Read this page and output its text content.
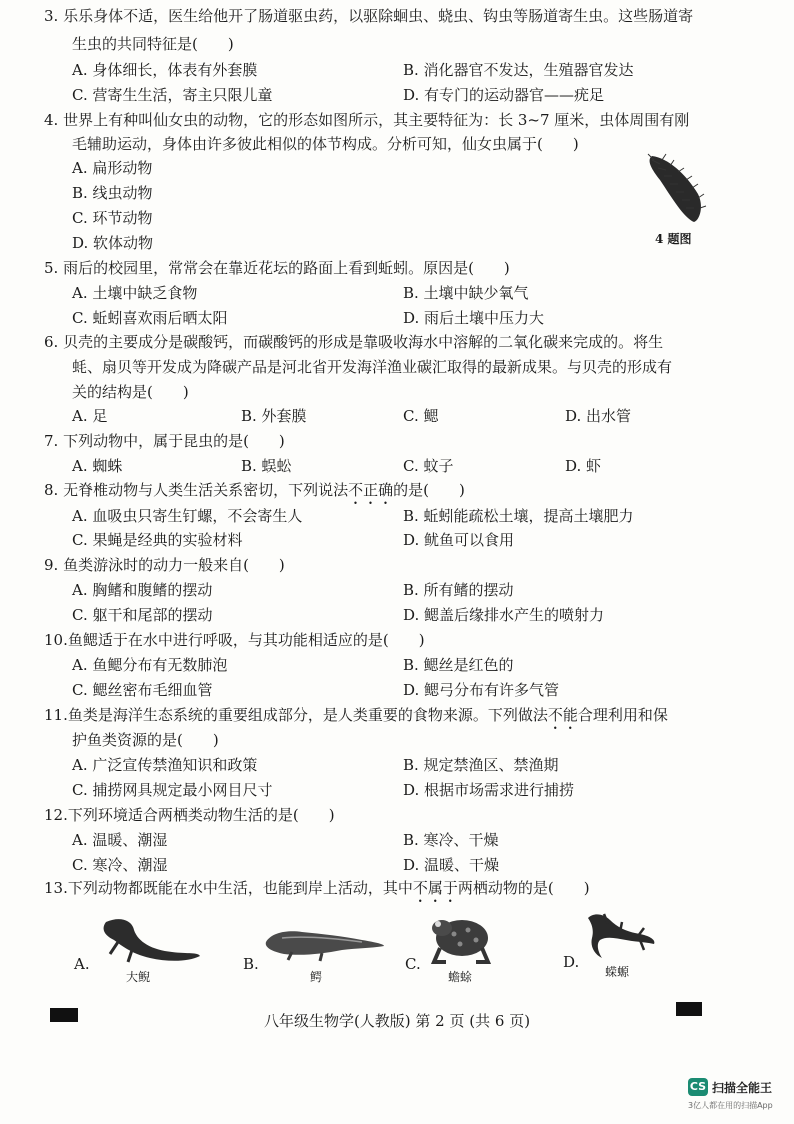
3. 乐乐身体不适，医生给他开了肠道驱虫药，以驱除蛔虫、蛲虫、钩虫等肠道寄生虫。这些肠道寄
生虫的共同特征是(　　)
A. 身体细长，体表有外套膜	B. 消化器官不发达，生殖器官发达
C. 营寄生生活，寄主只限儿童	D. 有专门的运动器官——疣足
4. 世界上有种叫仙女虫的动物，它的形态如图所示，其主要特征为：长 3~7 厘米，虫体周围有刚
毛辅助运动，身体由许多彼此相似的体节构成。分析可知，仙女虫属于(　　)
A. 扁形动物
B. 线虫动物
C. 环节动物
D. 软体动物	4 题图
5. 雨后的校园里，常常会在靠近花坛的路面上看到蚯蚓。原因是(　　)
A. 土壤中缺乏食物	B. 土壤中缺少氧气
C. 蚯蚓喜欢雨后晒太阳	D. 雨后土壤中压力大
6. 贝壳的主要成分是碳酸钙，而碳酸钙的形成是靠吸收海水中溶解的二氧化碳来完成的。将生
蚝、扇贝等开发成为降碳产品是河北省开发海洋渔业碳汇取得的最新成果。与贝壳的形成有
关的结构是(　　)
A. 足	B. 外套膜	C. 鳃	D. 出水管
7. 下列动物中，属于昆虫的是(　　)
A. 蜘蛛	B. 蜈蚣	C. 蚊子	D. 虾
8. 无脊椎动物与人类生活关系密切，下列说法不正确的是(　　)
A. 血吸虫只寄生钉螺，不会寄生人	B. 蚯蚓能疏松土壤，提高土壤肥力
C. 果蝇是经典的实验材料	D. 鱿鱼可以食用
9. 鱼类游泳时的动力一般来自(　　)
A. 胸鳍和腹鳍的摆动	B. 所有鳍的摆动
C. 躯干和尾部的摆动	D. 鳃盖后缘排水产生的喷射力
10.鱼鳃适于在水中进行呼吸，与其功能相适应的是(　　)
A. 鱼鳃分布有无数肺泡	B. 鳃丝是红色的
C. 鳃丝密布毛细血管	D. 鳃弓分布有许多气管
11.鱼类是海洋生态系统的重要组成部分，是人类重要的食物来源。下列做法不能合理利用和保
护鱼类资源的是(　　)
A. 广泛宣传禁渔知识和政策	B. 规定禁渔区、禁渔期
C. 捕捞网具规定最小网目尺寸	D. 根据市场需求进行捕捞
12.下列环境适合两栖类动物生活的是(　　)
A. 温暖、潮湿	B. 寒冷、干燥
C. 寒冷、潮湿	D. 温暖、干燥
13.下列动物都既能在水中生活，也能到岸上活动，其中不属于两栖动物的是(　　)
A.
大鲵
B.
鳄
C.
蟾蜍
D.
蝾螈
八年级生物学(人教版) 第 2 页 (共 6 页)
CS 扫描全能王
3亿人都在用的扫描App
